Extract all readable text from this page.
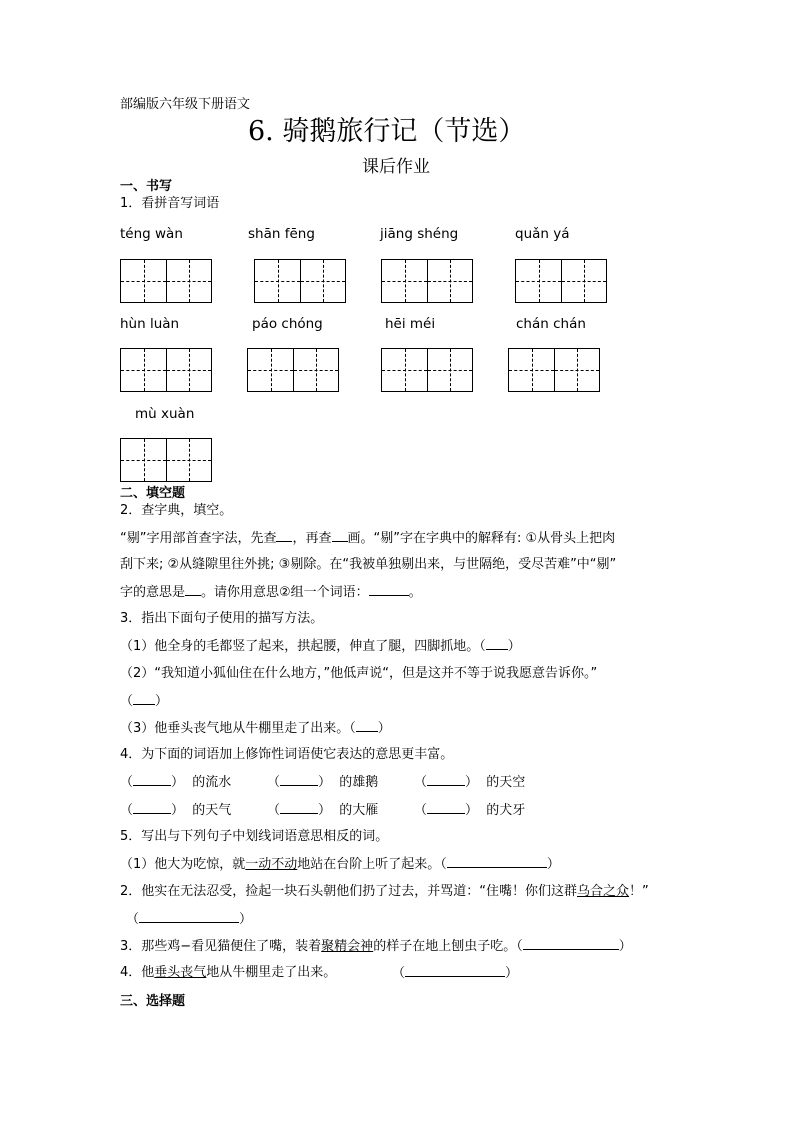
部编版六年级下册语文
6. 骑鹅旅行记（节选）
课后作业
一、书写
1．看拼音写词语
téng wàn	shān fēng	jiāng shéng	quǎn yá
hùn luàn	páo chóng	hēi méi	chán chán
mù xuàn
二、填空题
2．查字典，填空。
“剔”字用部首查字法，先查 ，再查 画。“剔”字在字典中的解释有: ①从骨头上把肉
刮下来; ②从缝隙里往外挑; ③剔除。在“我被单独剔出来，与世隔绝，受尽苦难”中“剔”
字的意思是 。请你用意思②组一个词语：	。
3．指出下面句子使用的描写方法。
（1）他全身的毛都竖了起来，拱起腰，伸直了腿，四脚抓地。（ ）
（2）“我知道小狐仙住在什么地方，”他低声说“，但是这并不等于说我愿意告诉你。”
（ ）
（3）他垂头丧气地从牛棚里走了出来。（ ）
4．为下面的词语加上修饰性词语使它表达的意思更丰富。
（	） 的流水	（	） 的雄鹅	（	） 的天空
（	） 的天气	（	） 的大雁	（	） 的犬牙
5．写出与下列句子中划线词语意思相反的词。
（1）他大为吃惊，就一动不动地站在台阶上听了起来。（	）
2．他实在无法忍受，捡起一块石头朝他们扔了过去，并骂道：“住嘴！你们这群乌合之众！”
（	）
3．那些鸡−看见猫便住了嘴，装着聚精会神的样子在地上刨虫子吃。（	）
4．他垂头丧气地从牛棚里走了出来。	（	）
三、选择题
